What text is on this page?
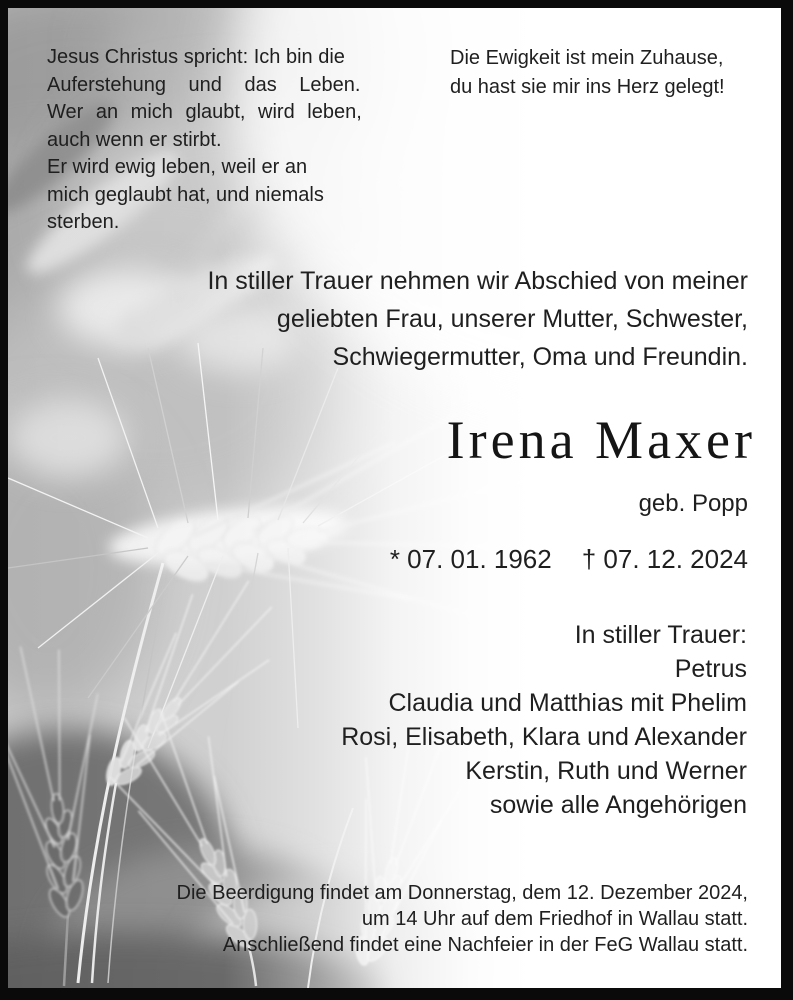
Jesus Christus spricht: Ich bin die
Auferstehung und das Leben.
Wer an mich glaubt, wird leben,
auch wenn er stirbt.
Er wird ewig leben, weil er an
mich geglaubt hat, und niemals
sterben.
Die Ewigkeit ist mein Zuhause,
du hast sie mir ins Herz gelegt!
In stiller Trauer nehmen wir Abschied von meiner
geliebten Frau, unserer Mutter, Schwester,
Schwiegermutter, Oma und Freundin.
Irena Maxer
geb. Popp
* 07. 01. 1962 † 07. 12. 2024
In stiller Trauer:
Petrus
Claudia und Matthias mit Phelim
Rosi, Elisabeth, Klara und Alexander
Kerstin, Ruth und Werner
sowie alle Angehörigen
Die Beerdigung findet am Donnerstag, dem 12. Dezember 2024,
um 14 Uhr auf dem Friedhof in Wallau statt.
Anschließend findet eine Nachfeier in der FeG Wallau statt.
